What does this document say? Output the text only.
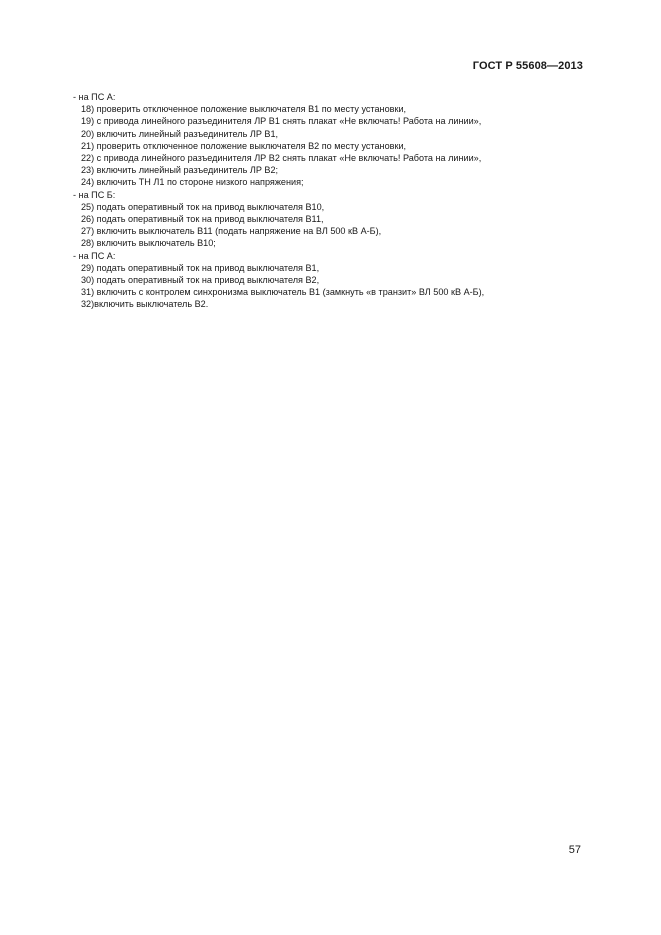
ГОСТ Р 55608—2013
- на ПС А:
18) проверить отключенное положение выключателя В1 по месту установки,
19) с привода линейного разъединителя ЛР В1 снять плакат «Не включать! Работа на линии»,
20) включить линейный разъединитель ЛР В1,
21) проверить отключенное положение выключателя В2 по месту установки,
22) с привода линейного разъединителя ЛР В2 снять плакат «Не включать! Работа на линии»,
23) включить линейный разъединитель ЛР В2;
24) включить ТН Л1 по стороне низкого напряжения;
- на ПС Б:
25) подать оперативный ток на привод выключателя В10,
26) подать оперативный ток на привод выключателя В11,
27) включить выключатель В11 (подать напряжение на ВЛ 500 кВ А-Б),
28) включить выключатель В10;
- на ПС А:
29) подать оперативный ток на привод выключателя В1,
30) подать оперативный ток на привод выключателя В2,
31) включить с контролем синхронизма выключатель В1 (замкнуть «в транзит» ВЛ 500 кВ А-Б),
32)включить выключатель В2.
57
